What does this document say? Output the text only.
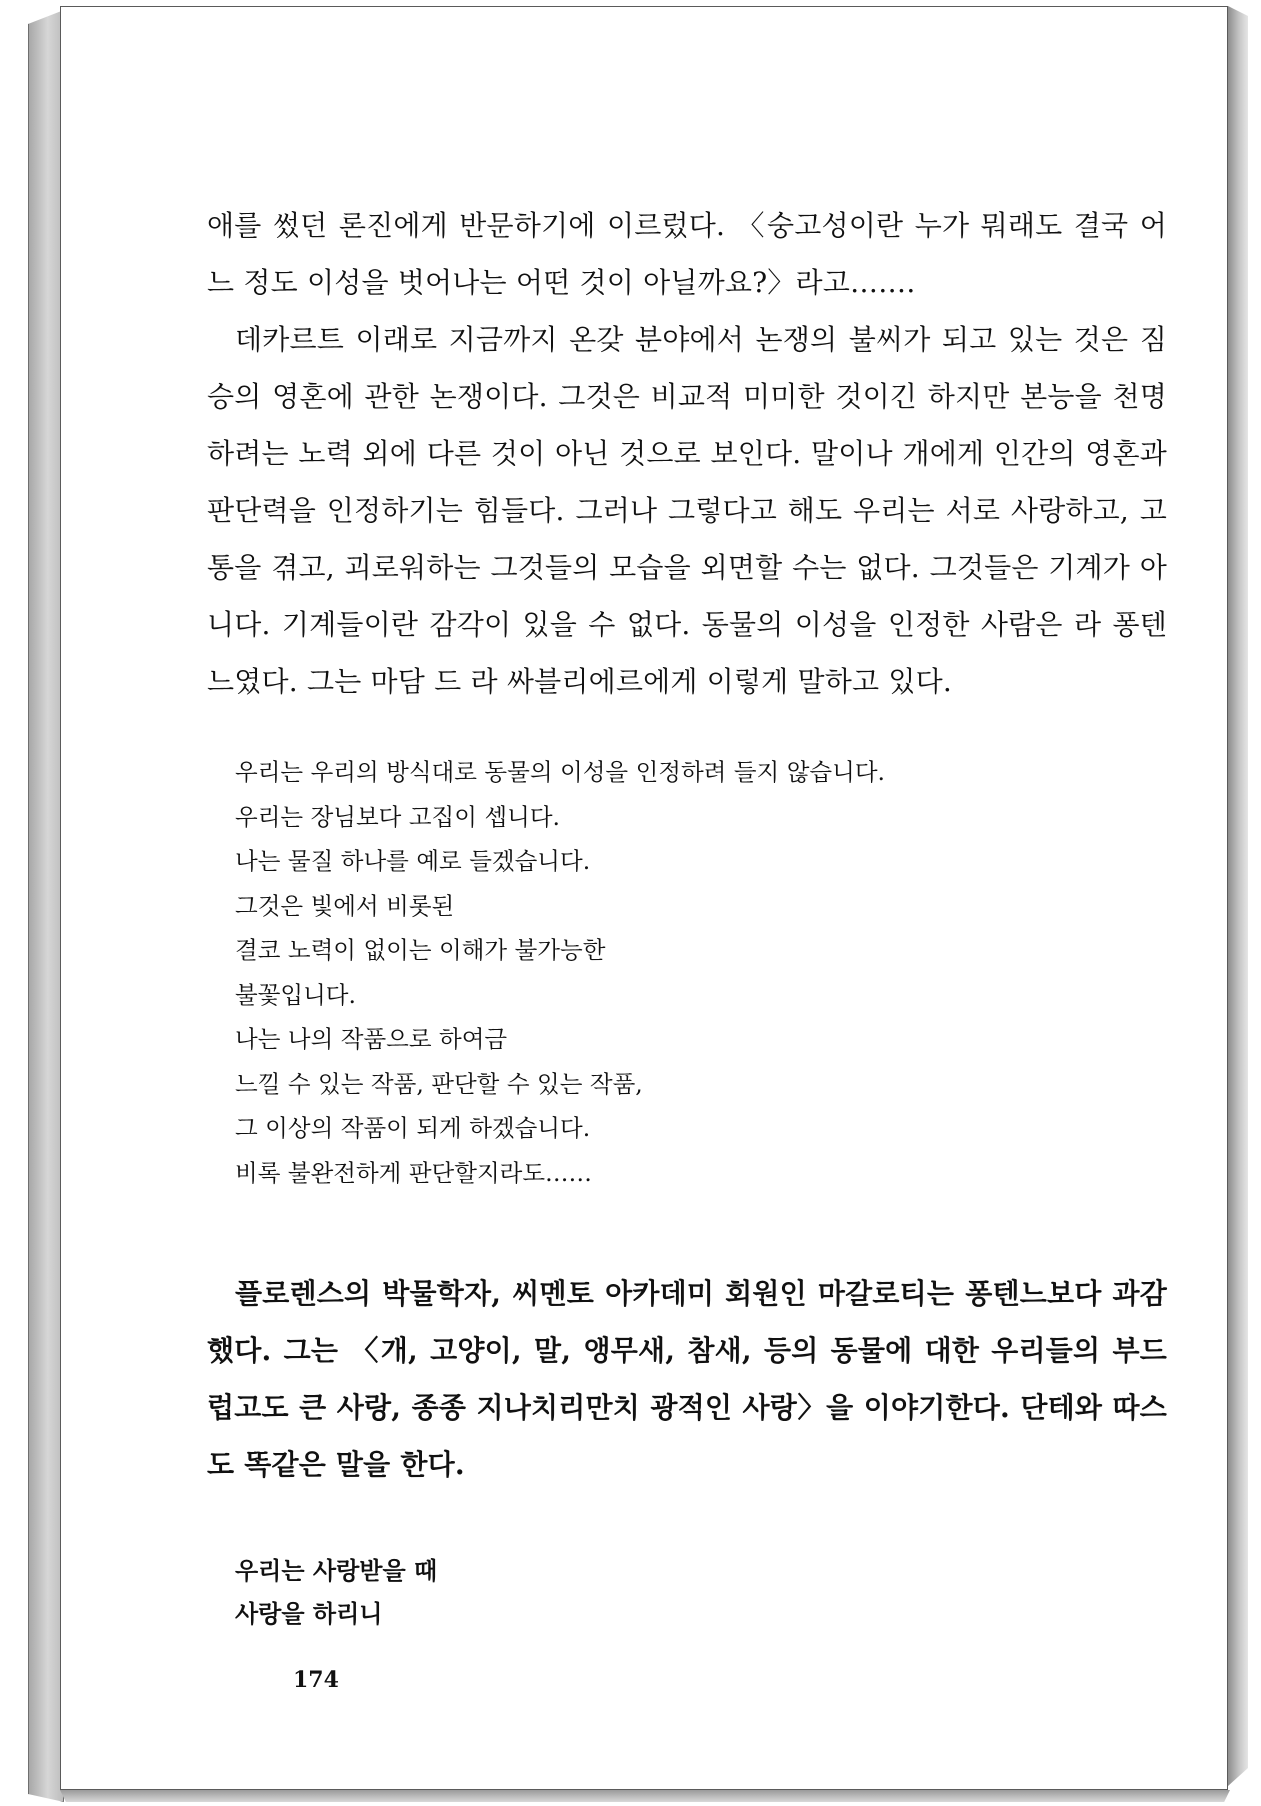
애를 썼던 론진에게 반문하기에 이르렀다. 〈숭고성이란 누가 뭐래도 결국 어느 정도 이성을 벗어나는 어떤 것이 아닐까요?〉라고…….

데카르트 이래로 지금까지 온갖 분야에서 논쟁의 불씨가 되고 있는 것은 짐승의 영혼에 관한 논쟁이다. 그것은 비교적 미미한 것이긴 하지만 본능을 천명하려는 노력 외에 다른 것이 아닌 것으로 보인다. 말이나 개에게 인간의 영혼과 판단력을 인정하기는 힘들다. 그러나 그렇다고 해도 우리는 서로 사랑하고, 고통을 겪고, 괴로워하는 그것들의 모습을 외면할 수는 없다. 그것들은 기계가 아니다. 기계들이란 감각이 있을 수 없다. 동물의 이성을 인정한 사람은 라 퐁텐느였다. 그는 마담 드 라 싸블리에르에게 이렇게 말하고 있다.

우리는 우리의 방식대로 동물의 이성을 인정하려 들지 않습니다.
우리는 장님보다 고집이 셉니다.
나는 물질 하나를 예로 들겠습니다.
그것은 빛에서 비롯된
결코 노력이 없이는 이해가 불가능한
불꽃입니다.
나는 나의 작품으로 하여금
느낄 수 있는 작품, 판단할 수 있는 작품,
그 이상의 작품이 되게 하겠습니다.
비록 불완전하게 판단할지라도……

플로렌스의 박물학자, 씨멘토 아카데미 회원인 마갈로티는 퐁텐느보다 과감했다. 그는 〈개, 고양이, 말, 앵무새, 참새, 등의 동물에 대한 우리들의 부드럽고도 큰 사랑, 종종 지나치리만치 광적인 사랑〉을 이야기한다. 단테와 따스도 똑같은 말을 한다.

우리는 사랑받을 때
사랑을 하리니
174
